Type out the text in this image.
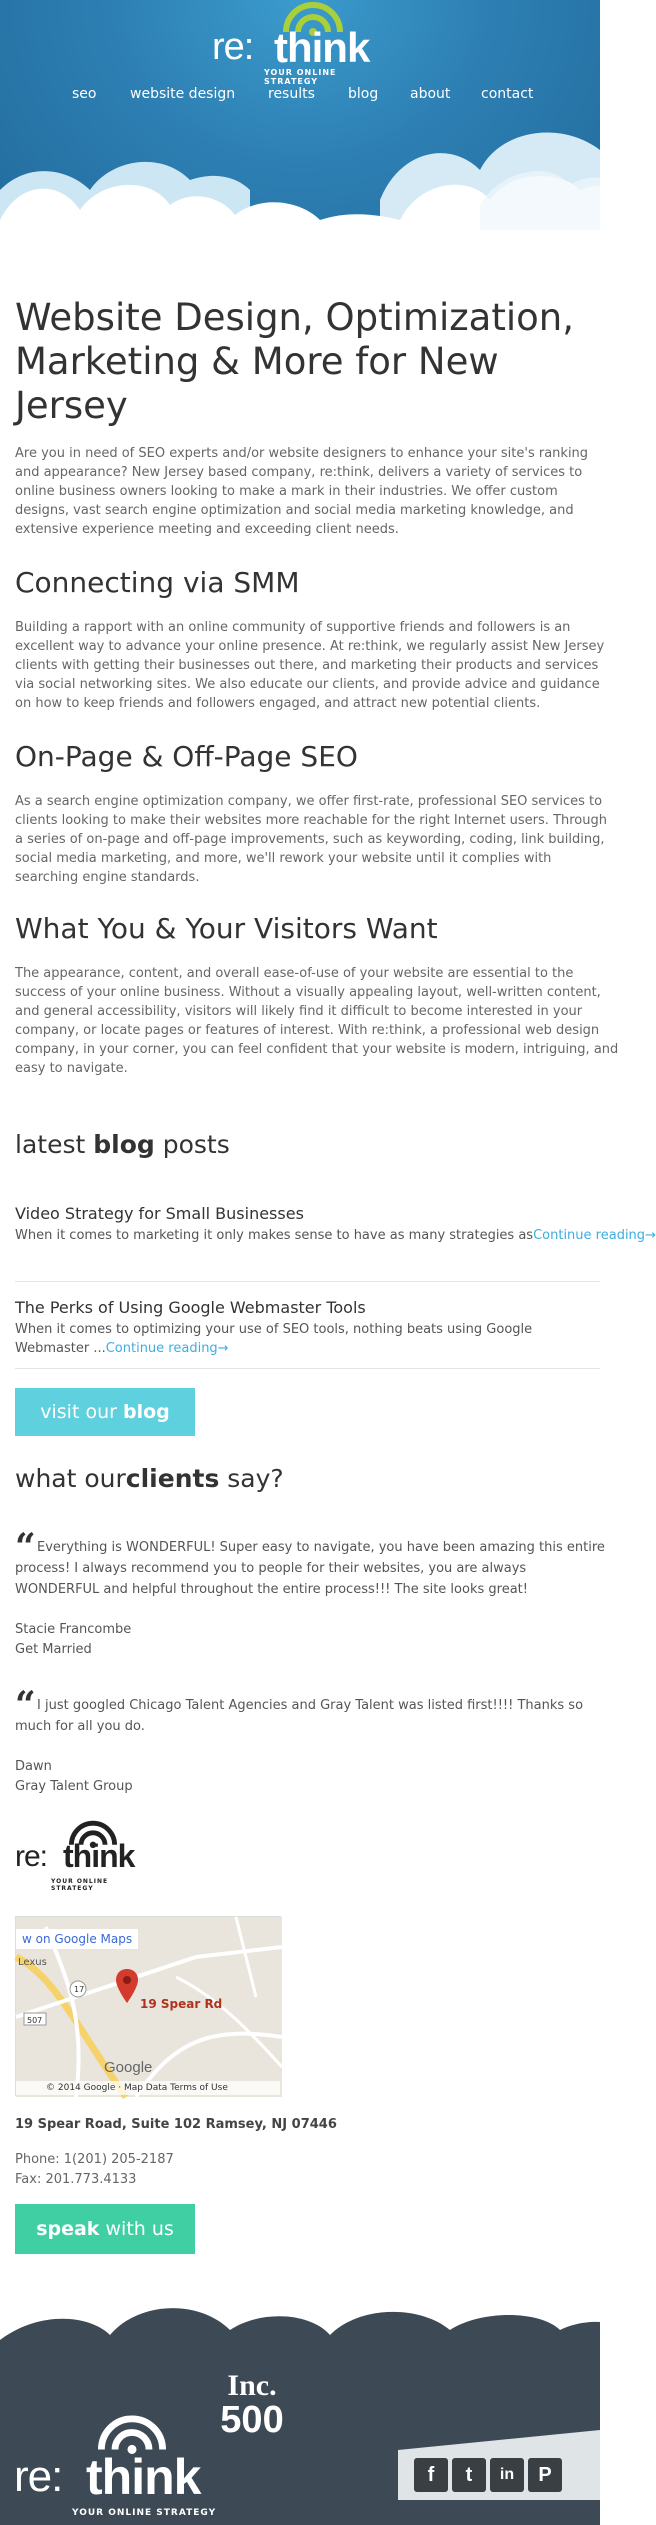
re: think
YOUR ONLINE STRATEGY
seo website design results blog about contact
Website Design, Optimization, Marketing & More for New Jersey

Are you in need of SEO experts and/or website designers to enhance your site's ranking

and appearance? New Jersey based company, re:think, delivers a variety of services to

online business owners looking to make a mark in their industries. We offer custom

designs, vast search engine optimization and social media marketing knowledge, and

extensive experience meeting and exceeding client needs.

Connecting via SMM

Building a rapport with an online community of supportive friends and followers is an

excellent way to advance your online presence. At re:think, we regularly assist New Jersey

clients with getting their businesses out there, and marketing their products and services

via social networking sites. We also educate our clients, and provide advice and guidance

on how to keep friends and followers engaged, and attract new potential clients.

On-Page & Off-Page SEO

As a search engine optimization company, we offer first-rate, professional SEO services to

clients looking to make their websites more reachable for the right Internet users. Through

a series of on-page and off-page improvements, such as keywording, coding, link building,

social media marketing, and more, we'll rework your website until it complies with

searching engine standards.

What You & Your Visitors Want

The appearance, content, and overall ease-of-use of your website are essential to the

success of your online business. Without a visually appealing layout, well-written content,

and general accessibility, visitors will likely find it difficult to become interested in your

company, or locate pages or features of interest. With re:think, a professional web design

company, in your corner, you can feel confident that your website is modern, intriguing, and

easy to navigate.

latest blog posts
Video Strategy for Small Businesses

When it comes to marketing it only makes sense to have as many strategies asContinue reading→

The Perks of Using Google Webmaster Tools

When it comes to optimizing your use of SEO tools, nothing beats using Google Webmaster ...Continue reading→

visit our blog
what ourclients say?
“Everything is WONDERFUL! Super easy to navigate, you have been amazing this entire
process! I always recommend you to people for their websites, you are always
WONDERFUL and helpful throughout the entire process!!! The site looks great!
Stacie Francombe
Get Married
“I just googled Chicago Talent Agencies and Gray Talent was listed first!!!! Thanks so
much for all you do.
Dawn
Gray Talent Group
re: think
YOUR ONLINE STRATEGY
507
17
w on Google Maps
Lexus
19 Spear Rd
Google
© 2014 Google · Map Data Terms of Use
19 Spear Road, Suite 102 Ramsey, NJ 07446
Phone: 1(201) 205-2187
Fax: 201.773.4133
speak with us
Inc.
500
re: think
YOUR ONLINE STRATEGY
f	t	in	P
